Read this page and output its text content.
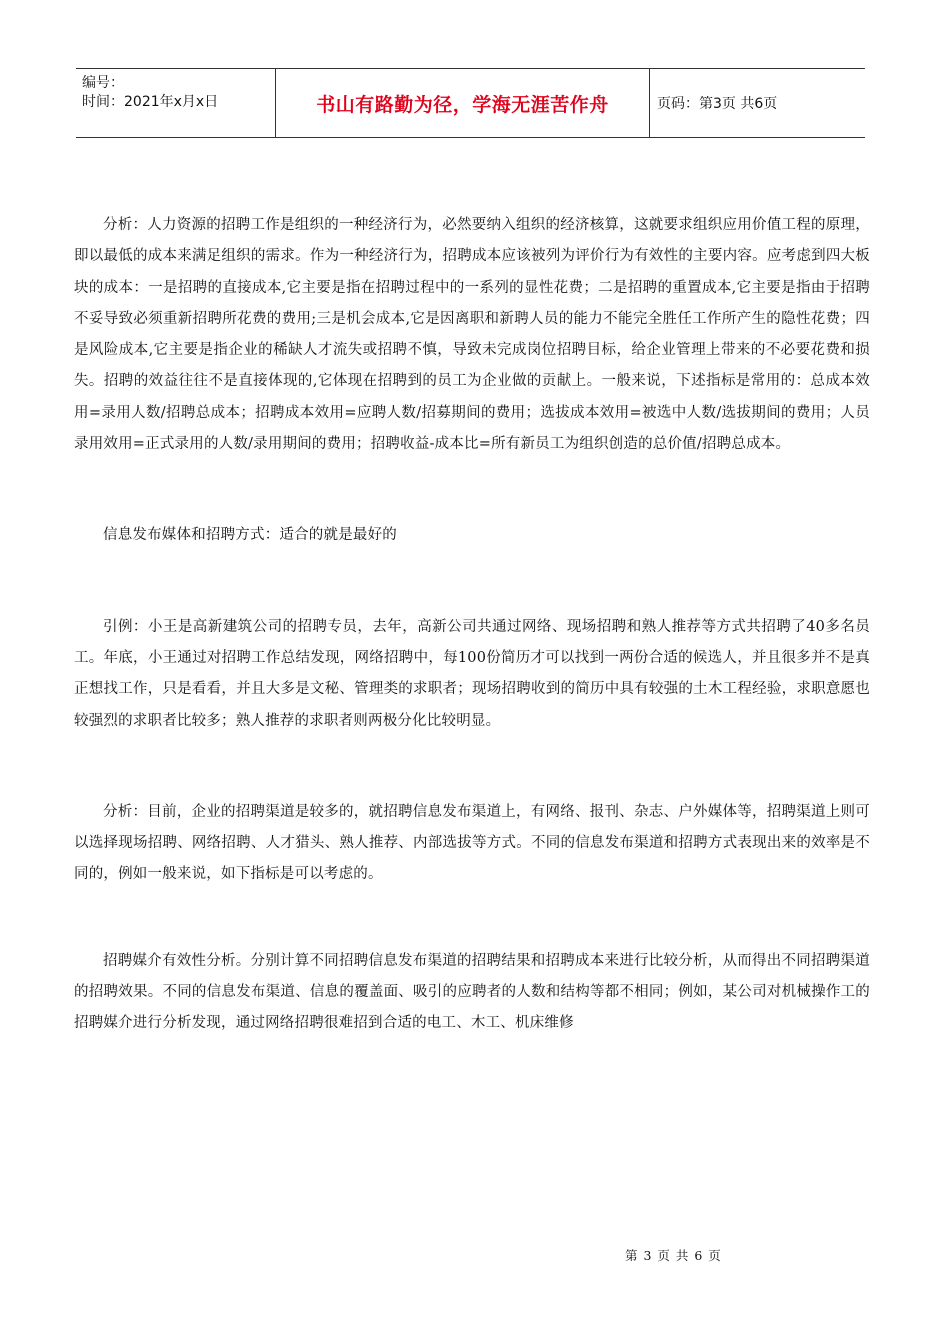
编号：
时间：2021年x月x日	书山有路勤为径，学海无涯苦作舟	页码：第3页 共6页

分析：人力资源的招聘工作是组织的一种经济行为，必然要纳入组织的经济核算，这就要求组织应用价值工程的原理，即以最低的成本来满足组织的需求。作为一种经济行为，招聘成本应该被列为评价行为有效性的主要内容。应考虑到四大板块的成本：一是招聘的直接成本,它主要是指在招聘过程中的一系列的显性花费；二是招聘的重置成本,它主要是指由于招聘不妥导致必须重新招聘所花费的费用;三是机会成本,它是因离职和新聘人员的能力不能完全胜任工作所产生的隐性花费；四是风险成本,它主要是指企业的稀缺人才流失或招聘不慎，导致未完成岗位招聘目标，给企业管理上带来的不必要花费和损失。招聘的效益往往不是直接体现的,它体现在招聘到的员工为企业做的贡献上。一般来说，下述指标是常用的：总成本效用=录用人数/招聘总成本；招聘成本效用=应聘人数/招募期间的费用；选拔成本效用=被选中人数/选拔期间的费用；人员录用效用=正式录用的人数/录用期间的费用；招聘收益-成本比=所有新员工为组织创造的总价值/招聘总成本。

信息发布媒体和招聘方式：适合的就是最好的

引例：小王是高新建筑公司的招聘专员，去年，高新公司共通过网络、现场招聘和熟人推荐等方式共招聘了40多名员工。年底，小王通过对招聘工作总结发现，网络招聘中，每100份简历才可以找到一两份合适的候选人，并且很多并不是真正想找工作，只是看看，并且大多是文秘、管理类的求职者；现场招聘收到的简历中具有较强的土木工程经验，求职意愿也较强烈的求职者比较多；熟人推荐的求职者则两极分化比较明显。

分析：目前，企业的招聘渠道是较多的，就招聘信息发布渠道上，有网络、报刊、杂志、户外媒体等，招聘渠道上则可以选择现场招聘、网络招聘、人才猎头、熟人推荐、内部选拔等方式。不同的信息发布渠道和招聘方式表现出来的效率是不同的，例如一般来说，如下指标是可以考虑的。

招聘媒介有效性分析。分别计算不同招聘信息发布渠道的招聘结果和招聘成本来进行比较分析，从而得出不同招聘渠道的招聘效果。不同的信息发布渠道、信息的覆盖面、吸引的应聘者的人数和结构等都不相同；例如，某公司对机械操作工的招聘媒介进行分析发现，通过网络招聘很难招到合适的电工、木工、机床维修

第 3 页 共 6 页
